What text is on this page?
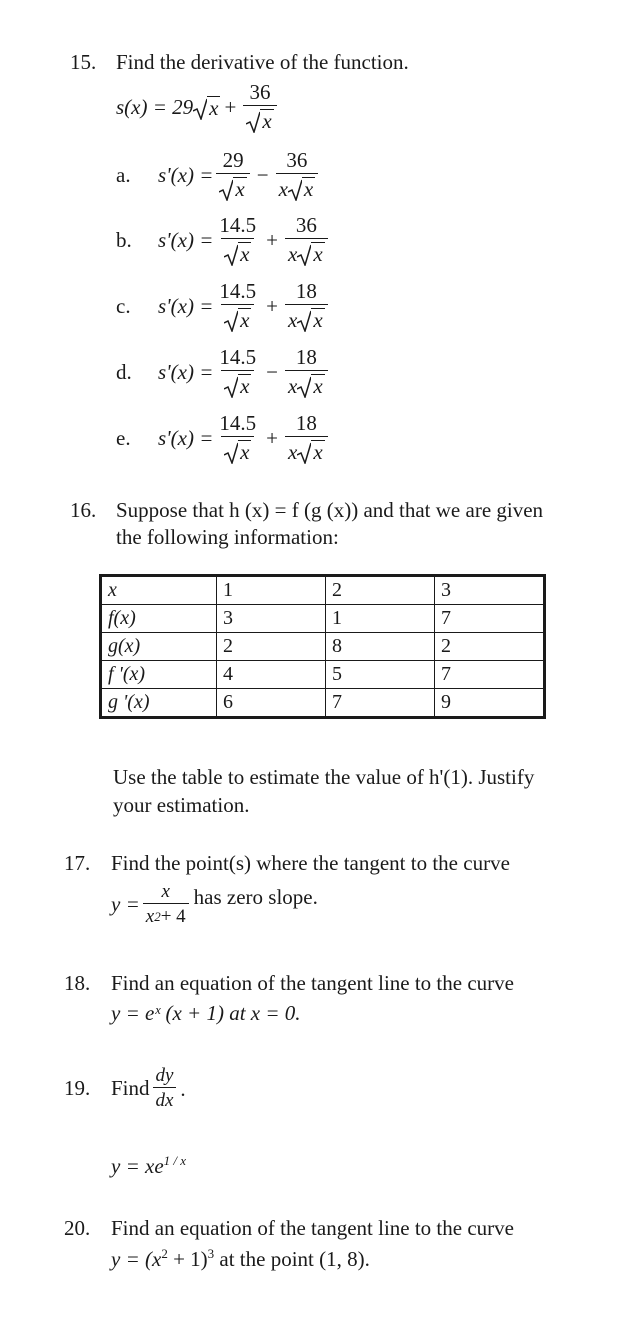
15. Find the derivative of the function.
s(x) = 29 $x + \frac{36}{x}$
a.	$s'(x) = \frac{29}{x} - \frac{36}{\text{x x}}$
b.	$s'(x) = \frac{14.5}{x} + \frac{36}{\text{x x}}$
c.	$s'(x) = \frac{14.5}{x} + \frac{18}{\text{x x}}$
d.	$s'(x) = \frac{14.5}{x} - \frac{18}{\text{x x}}$
e.	$s'(x) = \frac{14.5}{x} + \frac{18}{\text{x x}}$
16. Suppose that h (x) = f (g (x)) and that we are given
the following information:
x	1	2	3
f(x)	3	1	7
g(x)	2	8	2
f '(x)	4	5	7
g '(x)	6	7	9
Use the table to estimate the value of h'(1). Justify
your estimation.
17. Find the point(s) where the tangent to the curve
$y = \frac{x}{x 2 + 4}$ has zero slope.
18. Find an equation of the tangent line to the curve
y = eˣ (x + 1) at x = 0.
19. Find $\frac{dy}{dx}$ ·
$y = xe^{1 / x}$
20. Find an equation of the tangent line to the curve
$y = (x^2 + 1)^3$ at the point (1, 8).
